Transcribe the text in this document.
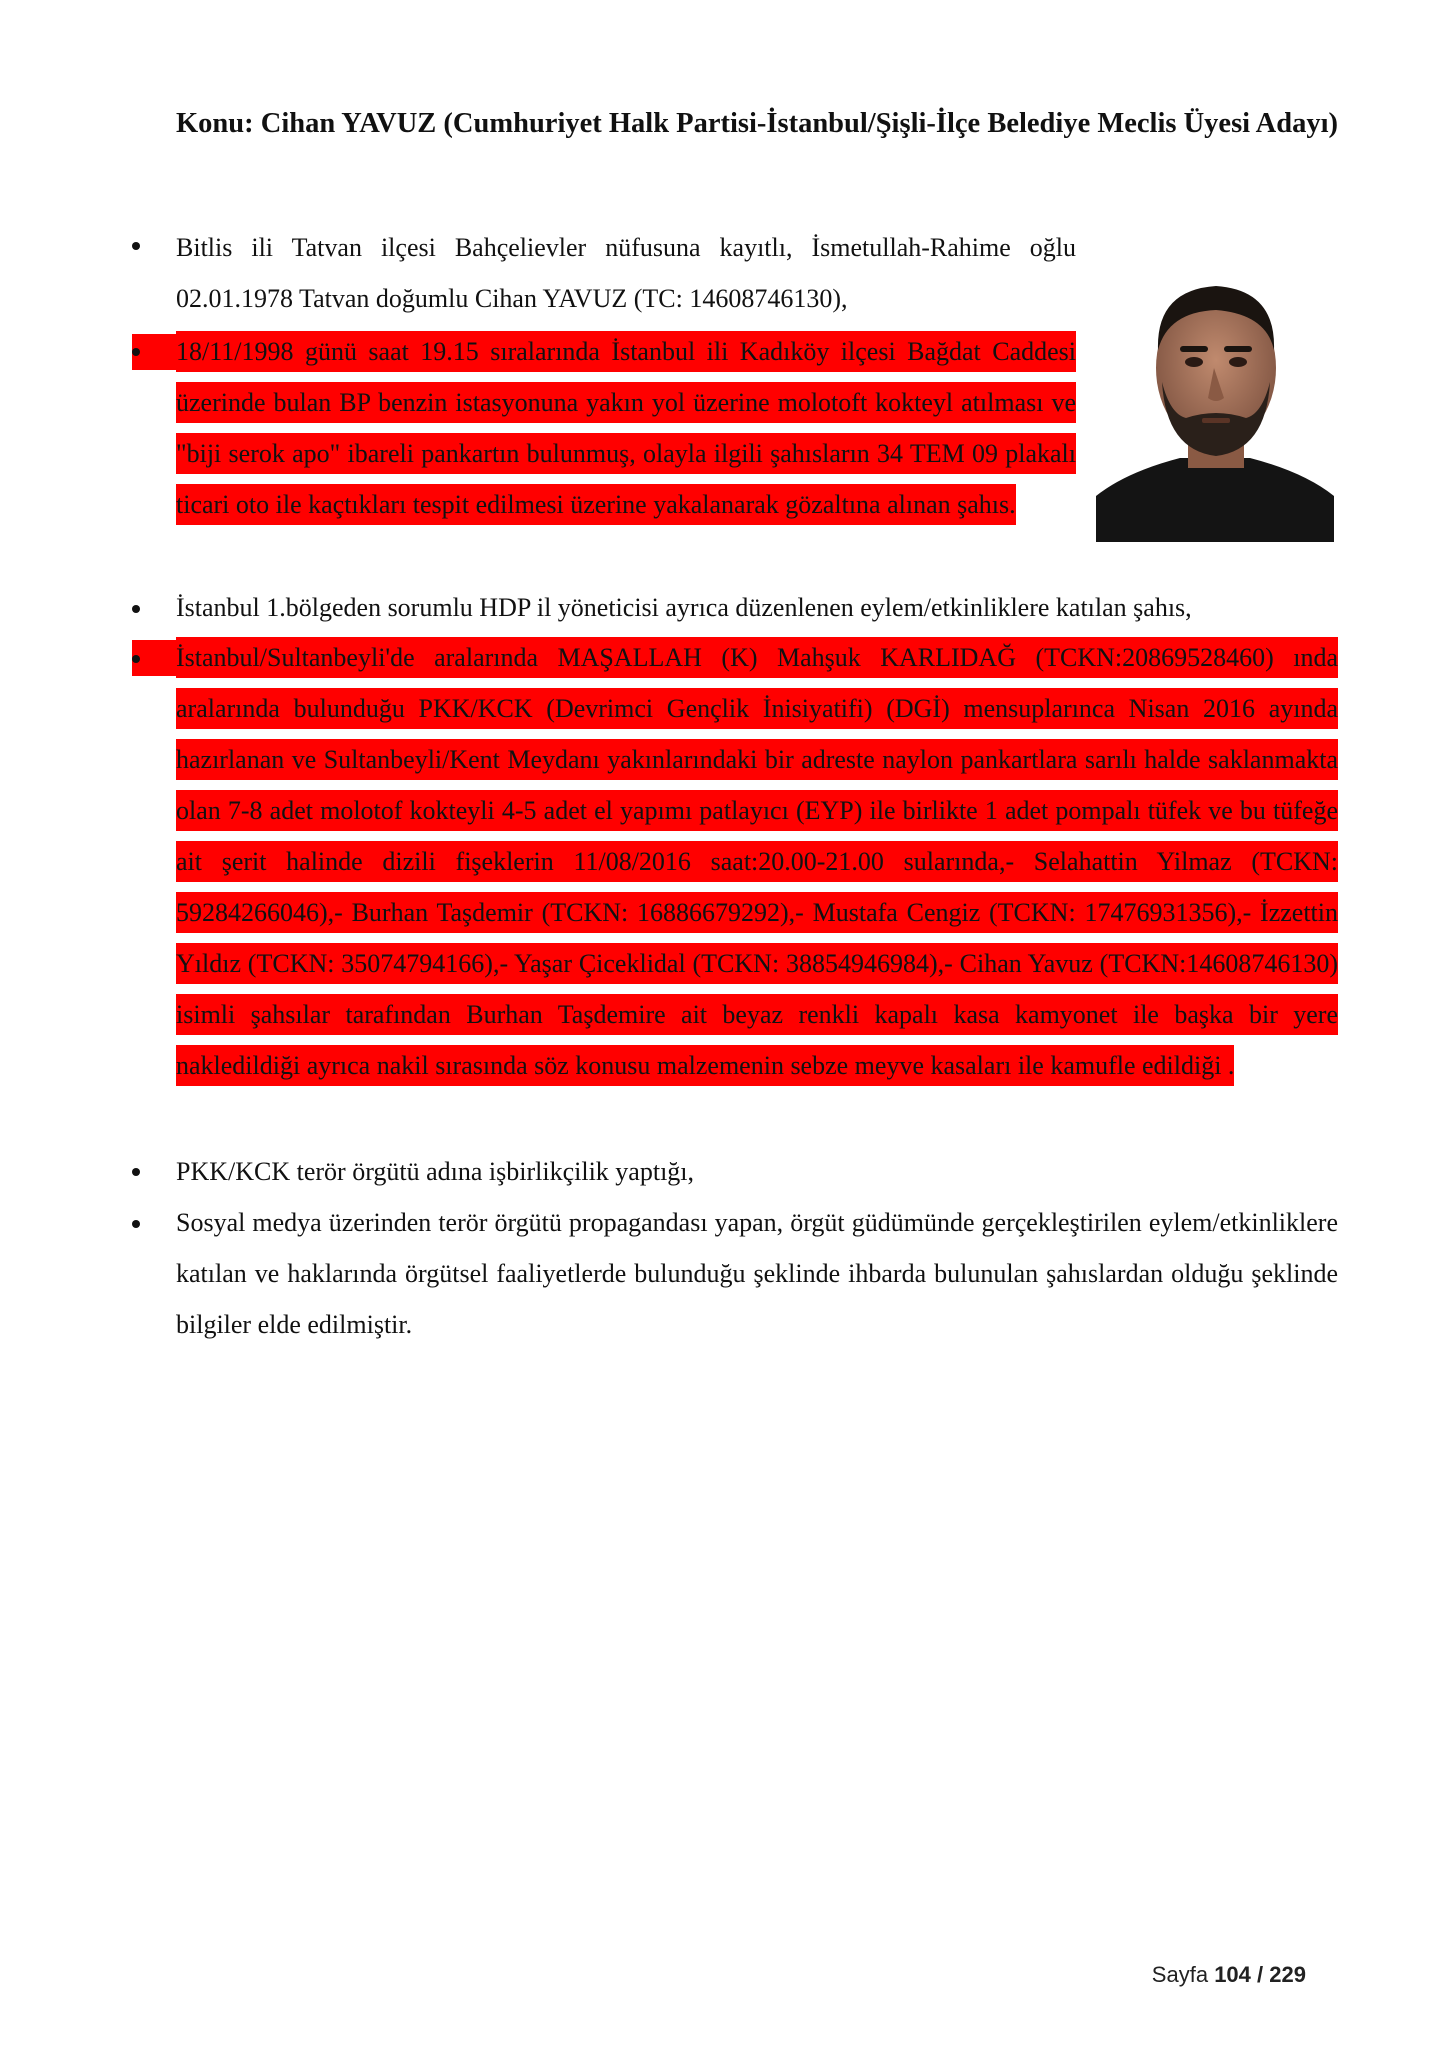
Konu: Cihan YAVUZ (Cumhuriyet Halk Partisi-İstanbul/Şişli-İlçe Belediye Meclis Üyesi Adayı)

Bitlis ili Tatvan ilçesi Bahçelievler nüfusuna kayıtlı, İsmetullah-Rahime oğlu 02.01.1978 Tatvan doğumlu Cihan YAVUZ (TC: 14608746130),

18/11/1998 günü saat 19.15 sıralarında İstanbul ili Kadıköy ilçesi Bağdat Caddesi üzerinde bulan BP benzin istasyonuna yakın yol üzerine molotoft kokteyl atılması ve "biji serok apo" ibareli pankartın bulunmuş, olayla ilgili şahısların 34 TEM 09 plakalı ticari oto ile kaçtıkları tespit edilmesi üzerine yakalanarak gözaltına alınan şahıs.

İstanbul 1.bölgeden sorumlu HDP il yöneticisi ayrıca düzenlenen eylem/etkinliklere katılan şahıs,

İstanbul/Sultanbeyli'de aralarında MAŞALLAH (K) Mahşuk KARLIDAĞ (TCKN:20869528460) ında aralarında bulunduğu PKK/KCK (Devrimci Gençlik İnisiyatifi) (DGİ) mensuplarınca Nisan 2016 ayında hazırlanan ve Sultanbeyli/Kent Meydanı yakınlarındaki bir adreste naylon pankartlara sarılı halde saklanmakta olan 7-8 adet molotof kokteyli 4-5 adet el yapımı patlayıcı (EYP) ile birlikte 1 adet pompalı tüfek ve bu tüfeğe ait şerit halinde dizili fişeklerin 11/08/2016 saat:20.00-21.00 sularında,- Selahattin Yilmaz (TCKN: 59284266046),- Burhan Taşdemir (TCKN: 16886679292),- Mustafa Cengiz (TCKN: 17476931356),- İzzettin Yıldız (TCKN: 35074794166),- Yaşar Çiceklidal (TCKN: 38854946984),- Cihan Yavuz (TCKN:14608746130) isimli şahsılar tarafından Burhan Taşdemire ait beyaz renkli kapalı kasa kamyonet ile başka bir yere nakledildiği ayrıca nakil sırasında söz konusu malzemenin sebze meyve kasaları ile kamufle edildiği .

PKK/KCK terör örgütü adına işbirlikçilik yaptığı,

Sosyal medya üzerinden terör örgütü propagandası yapan, örgüt güdümünde gerçekleştirilen eylem/etkinliklere katılan ve haklarında örgütsel faaliyetlerde bulunduğu şeklinde ihbarda bulunulan şahıslardan olduğu şeklinde bilgiler elde edilmiştir.

Sayfa 104 / 229
